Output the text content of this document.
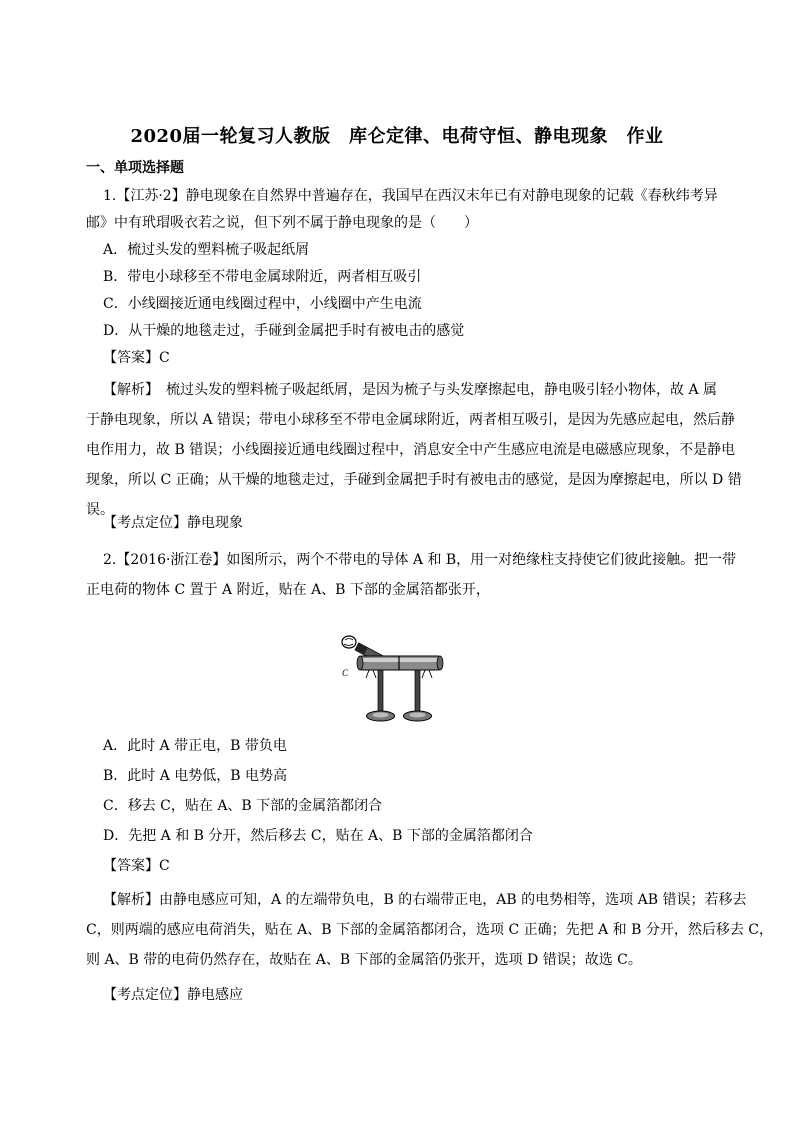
2020届一轮复习人教版　库仑定律、电荷守恒、静电现象　作业
一、单项选择题
1.【江苏·2】静电现象在自然界中普遍存在，我国早在西汉末年已有对静电现象的记载《春秋纬考异
邮》中有玳瑁吸衣若之说，但下列不属于静电现象的是（　　）
A．梳过头发的塑料梳子吸起纸屑
B．带电小球移至不带电金属球附近，两者相互吸引
C．小线圈接近通电线圈过程中，小线圈中产生电流
D．从干燥的地毯走过，手碰到金属把手时有被电击的感觉
【答案】C

【解析】　梳过头发的塑料梳子吸起纸屑，是因为梳子与头发摩擦起电，静电吸引轻小物体，故 A 属

于静电现象，所以 A 错误；带电小球移至不带电金属球附近，两者相互吸引，是因为先感应起电，然后静

电作用力，故 B 错误；小线圈接近通电线圈过程中，消息安全中产生感应电流是电磁感应现象，不是静电

现象，所以 C 正确；从干燥的地毯走过，手碰到金属把手时有被电击的感觉，是因为摩擦起电，所以 D 错

误。

【考点定位】静电现象
2.【2016·浙江卷】如图所示，两个不带电的导体 A 和 B，用一对绝缘柱支持使它们彼此接触。把一带
正电荷的物体 C 置于 A 附近，贴在 A、B 下部的金属箔都张开，
C
A．此时 A 带正电，B 带负电
B．此时 A 电势低，B 电势高
C．移去 C，贴在 A、B 下部的金属箔都闭合
D．先把 A 和 B 分开，然后移去 C，贴在 A、B 下部的金属箔都闭合
【答案】C

【解析】由静电感应可知，A 的左端带负电，B 的右端带正电，AB 的电势相等，选项 AB 错误；若移去

C，则两端的感应电荷消失，贴在 A、B 下部的金属箔都闭合，选项 C 正确；先把 A 和 B 分开，然后移去 C，

则 A、B 带的电荷仍然存在，故贴在 A、B 下部的金属箔仍张开，选项 D 错误；故选 C。

【考点定位】静电感应
